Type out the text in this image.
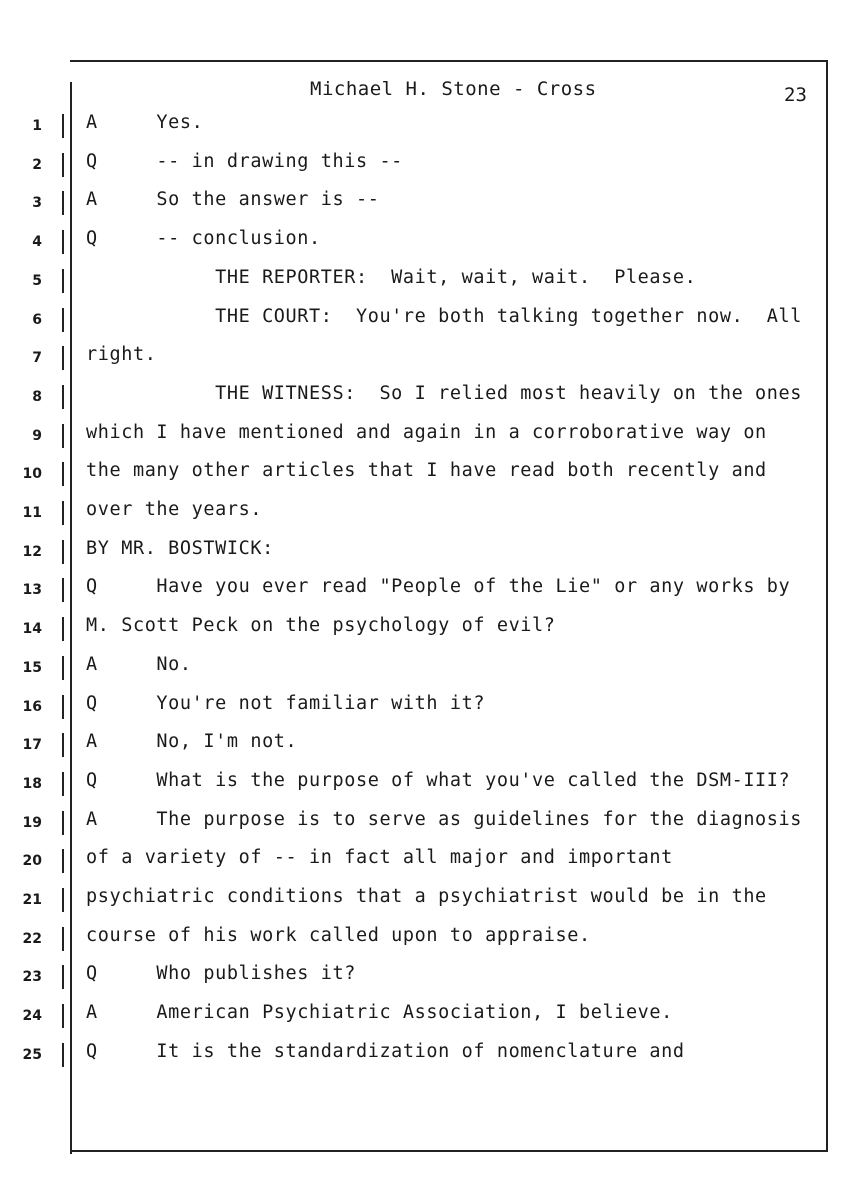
Michael H. Stone - Cross	23
1 A     Yes.
2 Q     -- in drawing this --
3 A     So the answer is --
4 Q     -- conclusion.
5 THE REPORTER:  Wait, wait, wait.  Please.
6 THE COURT:  You're both talking together now.  All
7 right.
8 THE WITNESS:  So I relied most heavily on the ones
9 which I have mentioned and again in a corroborative way on
10 the many other articles that I have read both recently and
11 over the years.
12 BY MR. BOSTWICK:
13 Q     Have you ever read "People of the Lie" or any works by
14 M. Scott Peck on the psychology of evil?
15 A     No.
16 Q     You're not familiar with it?
17 A     No, I'm not.
18 Q     What is the purpose of what you've called the DSM-III?
19 A     The purpose is to serve as guidelines for the diagnosis
20 of a variety of -- in fact all major and important
21 psychiatric conditions that a psychiatrist would be in the
22 course of his work called upon to appraise.
23 Q     Who publishes it?
24 A     American Psychiatric Association, I believe.
25 Q     It is the standardization of nomenclature and
